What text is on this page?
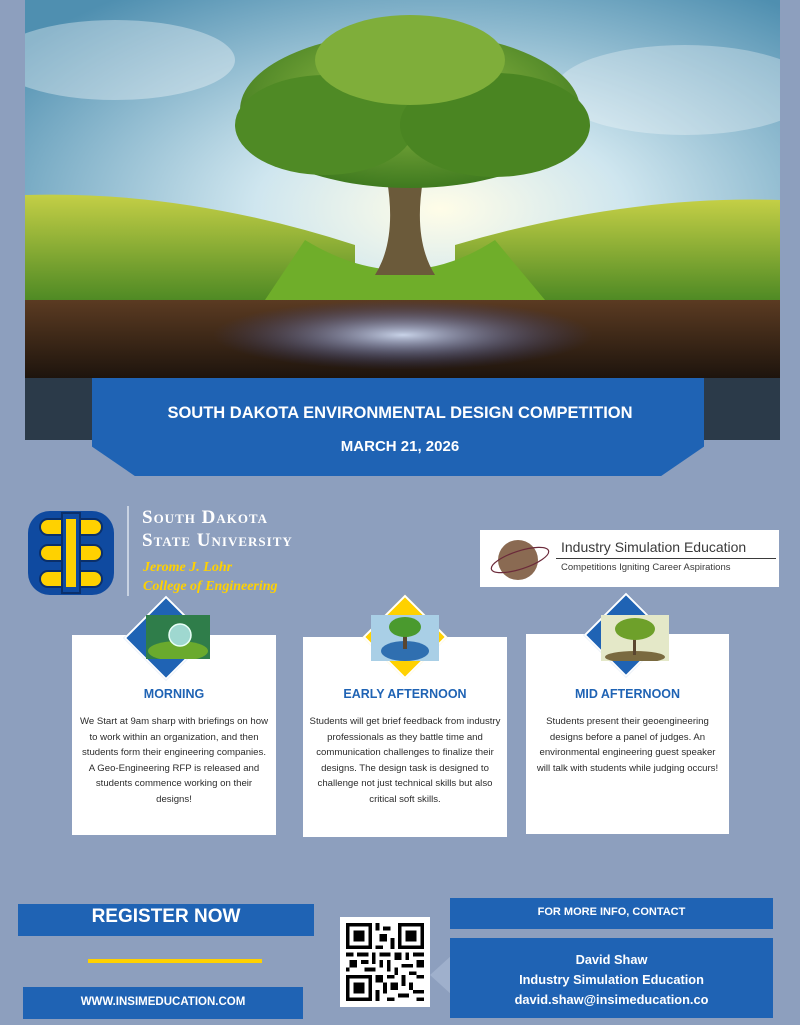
SOUTH DAKOTA ENVIRONMENTAL DESIGN COMPETITION
MARCH 21, 2026
South Dakota
State University
Jerome J. Lohr
College of Engineering
Industry Simulation Education
Competitions Igniting Career Aspirations
MORNING
We Start at 9am sharp with briefings on how to work within an organization, and then students form their engineering companies. A Geo-Engineering RFP is released and students commence working on their designs!
EARLY AFTERNOON
Students will get brief feedback from industry professionals as they battle time and communication challenges to finalize their designs. The design task is designed to challenge not just technical skills but also critical soft skills.
MID AFTERNOON
Students present their geoengineering designs before a panel of judges. An environmental engineering guest speaker will talk with students while judging occurs!
REGISTER NOW
WWW.INSIMEDUCATION.COM
FOR MORE INFO, CONTACT
David Shaw
Industry Simulation Education
david.shaw@insimeducation.co
